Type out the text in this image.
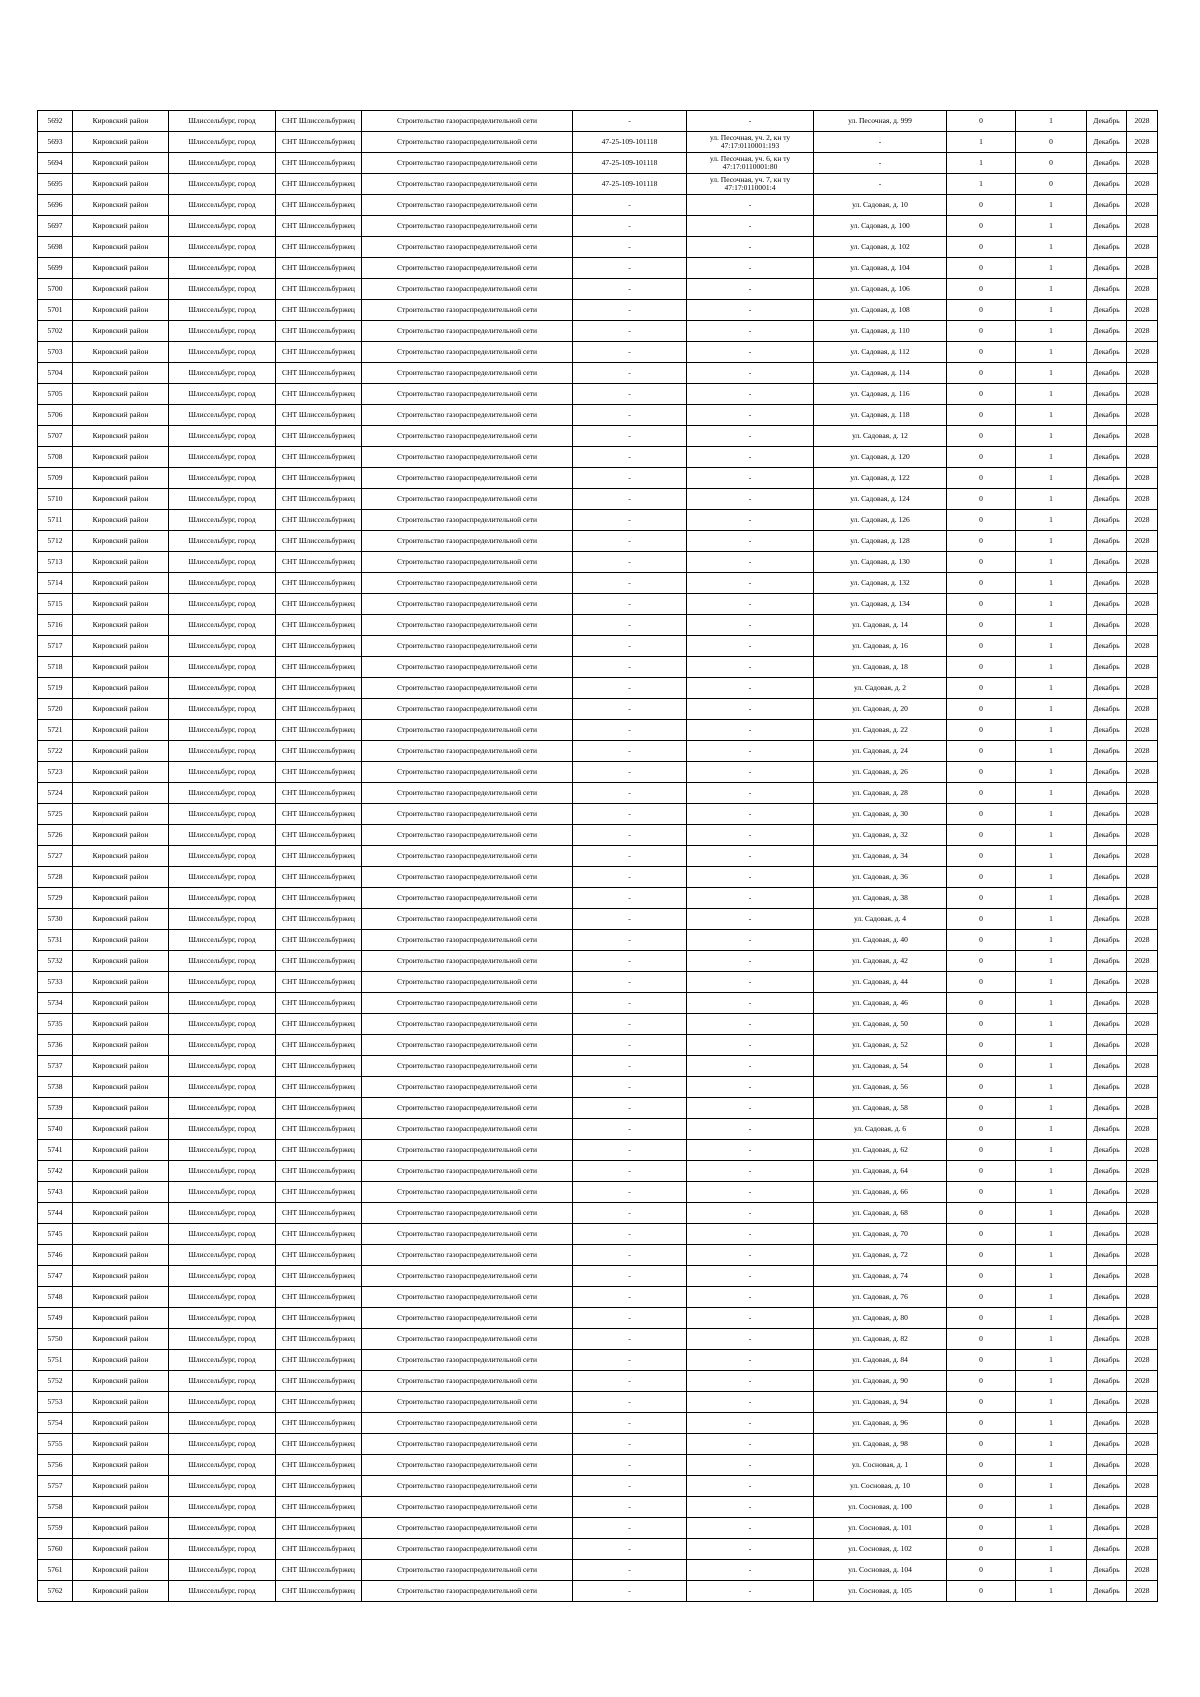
5692	Кировский район	Шлиссельбург, город	СНТ Шлиссельбуржец	Строительство газораспределительной сети	-	-	ул. Песочная, д. 999	0	1	Декабрь	2028
5693	Кировский район	Шлиссельбург, город	СНТ Шлиссельбуржец	Строительство газораспределительной сети	47-25-109-101118	ул. Песочная, уч. 2, кн ту 47:17:0110001:193	-	1	0	Декабрь	2028
5694	Кировский район	Шлиссельбург, город	СНТ Шлиссельбуржец	Строительство газораспределительной сети	47-25-109-101118	ул. Песочная, уч. 6, кн ту 47:17:0110001:80	-	1	0	Декабрь	2028
5695	Кировский район	Шлиссельбург, город	СНТ Шлиссельбуржец	Строительство газораспределительной сети	47-25-109-101118	ул. Песочная, уч. 7, кн ту 47:17:0110001:4	-	1	0	Декабрь	2028
5696	Кировский район	Шлиссельбург, город	СНТ Шлиссельбуржец	Строительство газораспределительной сети	-	-	ул. Садовая, д. 10	0	1	Декабрь	2028
5697	Кировский район	Шлиссельбург, город	СНТ Шлиссельбуржец	Строительство газораспределительной сети	-	-	ул. Садовая, д. 100	0	1	Декабрь	2028
5698	Кировский район	Шлиссельбург, город	СНТ Шлиссельбуржец	Строительство газораспределительной сети	-	-	ул. Садовая, д. 102	0	1	Декабрь	2028
5699	Кировский район	Шлиссельбург, город	СНТ Шлиссельбуржец	Строительство газораспределительной сети	-	-	ул. Садовая, д. 104	0	1	Декабрь	2028
5700	Кировский район	Шлиссельбург, город	СНТ Шлиссельбуржец	Строительство газораспределительной сети	-	-	ул. Садовая, д. 106	0	1	Декабрь	2028
5701	Кировский район	Шлиссельбург, город	СНТ Шлиссельбуржец	Строительство газораспределительной сети	-	-	ул. Садовая, д. 108	0	1	Декабрь	2028
5702	Кировский район	Шлиссельбург, город	СНТ Шлиссельбуржец	Строительство газораспределительной сети	-	-	ул. Садовая, д. 110	0	1	Декабрь	2028
5703	Кировский район	Шлиссельбург, город	СНТ Шлиссельбуржец	Строительство газораспределительной сети	-	-	ул. Садовая, д. 112	0	1	Декабрь	2028
5704	Кировский район	Шлиссельбург, город	СНТ Шлиссельбуржец	Строительство газораспределительной сети	-	-	ул. Садовая, д. 114	0	1	Декабрь	2028
5705	Кировский район	Шлиссельбург, город	СНТ Шлиссельбуржец	Строительство газораспределительной сети	-	-	ул. Садовая, д. 116	0	1	Декабрь	2028
5706	Кировский район	Шлиссельбург, город	СНТ Шлиссельбуржец	Строительство газораспределительной сети	-	-	ул. Садовая, д. 118	0	1	Декабрь	2028
5707	Кировский район	Шлиссельбург, город	СНТ Шлиссельбуржец	Строительство газораспределительной сети	-	-	ул. Садовая, д. 12	0	1	Декабрь	2028
5708	Кировский район	Шлиссельбург, город	СНТ Шлиссельбуржец	Строительство газораспределительной сети	-	-	ул. Садовая, д. 120	0	1	Декабрь	2028
5709	Кировский район	Шлиссельбург, город	СНТ Шлиссельбуржец	Строительство газораспределительной сети	-	-	ул. Садовая, д. 122	0	1	Декабрь	2028
5710	Кировский район	Шлиссельбург, город	СНТ Шлиссельбуржец	Строительство газораспределительной сети	-	-	ул. Садовая, д. 124	0	1	Декабрь	2028
5711	Кировский район	Шлиссельбург, город	СНТ Шлиссельбуржец	Строительство газораспределительной сети	-	-	ул. Садовая, д. 126	0	1	Декабрь	2028
5712	Кировский район	Шлиссельбург, город	СНТ Шлиссельбуржец	Строительство газораспределительной сети	-	-	ул. Садовая, д. 128	0	1	Декабрь	2028
5713	Кировский район	Шлиссельбург, город	СНТ Шлиссельбуржец	Строительство газораспределительной сети	-	-	ул. Садовая, д. 130	0	1	Декабрь	2028
5714	Кировский район	Шлиссельбург, город	СНТ Шлиссельбуржец	Строительство газораспределительной сети	-	-	ул. Садовая, д. 132	0	1	Декабрь	2028
5715	Кировский район	Шлиссельбург, город	СНТ Шлиссельбуржец	Строительство газораспределительной сети	-	-	ул. Садовая, д. 134	0	1	Декабрь	2028
5716	Кировский район	Шлиссельбург, город	СНТ Шлиссельбуржец	Строительство газораспределительной сети	-	-	ул. Садовая, д. 14	0	1	Декабрь	2028
5717	Кировский район	Шлиссельбург, город	СНТ Шлиссельбуржец	Строительство газораспределительной сети	-	-	ул. Садовая, д. 16	0	1	Декабрь	2028
5718	Кировский район	Шлиссельбург, город	СНТ Шлиссельбуржец	Строительство газораспределительной сети	-	-	ул. Садовая, д. 18	0	1	Декабрь	2028
5719	Кировский район	Шлиссельбург, город	СНТ Шлиссельбуржец	Строительство газораспределительной сети	-	-	ул. Садовая, д. 2	0	1	Декабрь	2028
5720	Кировский район	Шлиссельбург, город	СНТ Шлиссельбуржец	Строительство газораспределительной сети	-	-	ул. Садовая, д. 20	0	1	Декабрь	2028
5721	Кировский район	Шлиссельбург, город	СНТ Шлиссельбуржец	Строительство газораспределительной сети	-	-	ул. Садовая, д. 22	0	1	Декабрь	2028
5722	Кировский район	Шлиссельбург, город	СНТ Шлиссельбуржец	Строительство газораспределительной сети	-	-	ул. Садовая, д. 24	0	1	Декабрь	2028
5723	Кировский район	Шлиссельбург, город	СНТ Шлиссельбуржец	Строительство газораспределительной сети	-	-	ул. Садовая, д. 26	0	1	Декабрь	2028
5724	Кировский район	Шлиссельбург, город	СНТ Шлиссельбуржец	Строительство газораспределительной сети	-	-	ул. Садовая, д. 28	0	1	Декабрь	2028
5725	Кировский район	Шлиссельбург, город	СНТ Шлиссельбуржец	Строительство газораспределительной сети	-	-	ул. Садовая, д. 30	0	1	Декабрь	2028
5726	Кировский район	Шлиссельбург, город	СНТ Шлиссельбуржец	Строительство газораспределительной сети	-	-	ул. Садовая, д. 32	0	1	Декабрь	2028
5727	Кировский район	Шлиссельбург, город	СНТ Шлиссельбуржец	Строительство газораспределительной сети	-	-	ул. Садовая, д. 34	0	1	Декабрь	2028
5728	Кировский район	Шлиссельбург, город	СНТ Шлиссельбуржец	Строительство газораспределительной сети	-	-	ул. Садовая, д. 36	0	1	Декабрь	2028
5729	Кировский район	Шлиссельбург, город	СНТ Шлиссельбуржец	Строительство газораспределительной сети	-	-	ул. Садовая, д. 38	0	1	Декабрь	2028
5730	Кировский район	Шлиссельбург, город	СНТ Шлиссельбуржец	Строительство газораспределительной сети	-	-	ул. Садовая, д. 4	0	1	Декабрь	2028
5731	Кировский район	Шлиссельбург, город	СНТ Шлиссельбуржец	Строительство газораспределительной сети	-	-	ул. Садовая, д. 40	0	1	Декабрь	2028
5732	Кировский район	Шлиссельбург, город	СНТ Шлиссельбуржец	Строительство газораспределительной сети	-	-	ул. Садовая, д. 42	0	1	Декабрь	2028
5733	Кировский район	Шлиссельбург, город	СНТ Шлиссельбуржец	Строительство газораспределительной сети	-	-	ул. Садовая, д. 44	0	1	Декабрь	2028
5734	Кировский район	Шлиссельбург, город	СНТ Шлиссельбуржец	Строительство газораспределительной сети	-	-	ул. Садовая, д. 46	0	1	Декабрь	2028
5735	Кировский район	Шлиссельбург, город	СНТ Шлиссельбуржец	Строительство газораспределительной сети	-	-	ул. Садовая, д. 50	0	1	Декабрь	2028
5736	Кировский район	Шлиссельбург, город	СНТ Шлиссельбуржец	Строительство газораспределительной сети	-	-	ул. Садовая, д. 52	0	1	Декабрь	2028
5737	Кировский район	Шлиссельбург, город	СНТ Шлиссельбуржец	Строительство газораспределительной сети	-	-	ул. Садовая, д. 54	0	1	Декабрь	2028
5738	Кировский район	Шлиссельбург, город	СНТ Шлиссельбуржец	Строительство газораспределительной сети	-	-	ул. Садовая, д. 56	0	1	Декабрь	2028
5739	Кировский район	Шлиссельбург, город	СНТ Шлиссельбуржец	Строительство газораспределительной сети	-	-	ул. Садовая, д. 58	0	1	Декабрь	2028
5740	Кировский район	Шлиссельбург, город	СНТ Шлиссельбуржец	Строительство газораспределительной сети	-	-	ул. Садовая, д. 6	0	1	Декабрь	2028
5741	Кировский район	Шлиссельбург, город	СНТ Шлиссельбуржец	Строительство газораспределительной сети	-	-	ул. Садовая, д. 62	0	1	Декабрь	2028
5742	Кировский район	Шлиссельбург, город	СНТ Шлиссельбуржец	Строительство газораспределительной сети	-	-	ул. Садовая, д. 64	0	1	Декабрь	2028
5743	Кировский район	Шлиссельбург, город	СНТ Шлиссельбуржец	Строительство газораспределительной сети	-	-	ул. Садовая, д. 66	0	1	Декабрь	2028
5744	Кировский район	Шлиссельбург, город	СНТ Шлиссельбуржец	Строительство газораспределительной сети	-	-	ул. Садовая, д. 68	0	1	Декабрь	2028
5745	Кировский район	Шлиссельбург, город	СНТ Шлиссельбуржец	Строительство газораспределительной сети	-	-	ул. Садовая, д. 70	0	1	Декабрь	2028
5746	Кировский район	Шлиссельбург, город	СНТ Шлиссельбуржец	Строительство газораспределительной сети	-	-	ул. Садовая, д. 72	0	1	Декабрь	2028
5747	Кировский район	Шлиссельбург, город	СНТ Шлиссельбуржец	Строительство газораспределительной сети	-	-	ул. Садовая, д. 74	0	1	Декабрь	2028
5748	Кировский район	Шлиссельбург, город	СНТ Шлиссельбуржец	Строительство газораспределительной сети	-	-	ул. Садовая, д. 76	0	1	Декабрь	2028
5749	Кировский район	Шлиссельбург, город	СНТ Шлиссельбуржец	Строительство газораспределительной сети	-	-	ул. Садовая, д. 80	0	1	Декабрь	2028
5750	Кировский район	Шлиссельбург, город	СНТ Шлиссельбуржец	Строительство газораспределительной сети	-	-	ул. Садовая, д. 82	0	1	Декабрь	2028
5751	Кировский район	Шлиссельбург, город	СНТ Шлиссельбуржец	Строительство газораспределительной сети	-	-	ул. Садовая, д. 84	0	1	Декабрь	2028
5752	Кировский район	Шлиссельбург, город	СНТ Шлиссельбуржец	Строительство газораспределительной сети	-	-	ул. Садовая, д. 90	0	1	Декабрь	2028
5753	Кировский район	Шлиссельбург, город	СНТ Шлиссельбуржец	Строительство газораспределительной сети	-	-	ул. Садовая, д. 94	0	1	Декабрь	2028
5754	Кировский район	Шлиссельбург, город	СНТ Шлиссельбуржец	Строительство газораспределительной сети	-	-	ул. Садовая, д. 96	0	1	Декабрь	2028
5755	Кировский район	Шлиссельбург, город	СНТ Шлиссельбуржец	Строительство газораспределительной сети	-	-	ул. Садовая, д. 98	0	1	Декабрь	2028
5756	Кировский район	Шлиссельбург, город	СНТ Шлиссельбуржец	Строительство газораспределительной сети	-	-	ул. Сосновая, д. 1	0	1	Декабрь	2028
5757	Кировский район	Шлиссельбург, город	СНТ Шлиссельбуржец	Строительство газораспределительной сети	-	-	ул. Сосновая, д. 10	0	1	Декабрь	2028
5758	Кировский район	Шлиссельбург, город	СНТ Шлиссельбуржец	Строительство газораспределительной сети	-	-	ул. Сосновая, д. 100	0	1	Декабрь	2028
5759	Кировский район	Шлиссельбург, город	СНТ Шлиссельбуржец	Строительство газораспределительной сети	-	-	ул. Сосновая, д. 101	0	1	Декабрь	2028
5760	Кировский район	Шлиссельбург, город	СНТ Шлиссельбуржец	Строительство газораспределительной сети	-	-	ул. Сосновая, д. 102	0	1	Декабрь	2028
5761	Кировский район	Шлиссельбург, город	СНТ Шлиссельбуржец	Строительство газораспределительной сети	-	-	ул. Сосновая, д. 104	0	1	Декабрь	2028
5762	Кировский район	Шлиссельбург, город	СНТ Шлиссельбуржец	Строительство газораспределительной сети	-	-	ул. Сосновая, д. 105	0	1	Декабрь	2028
